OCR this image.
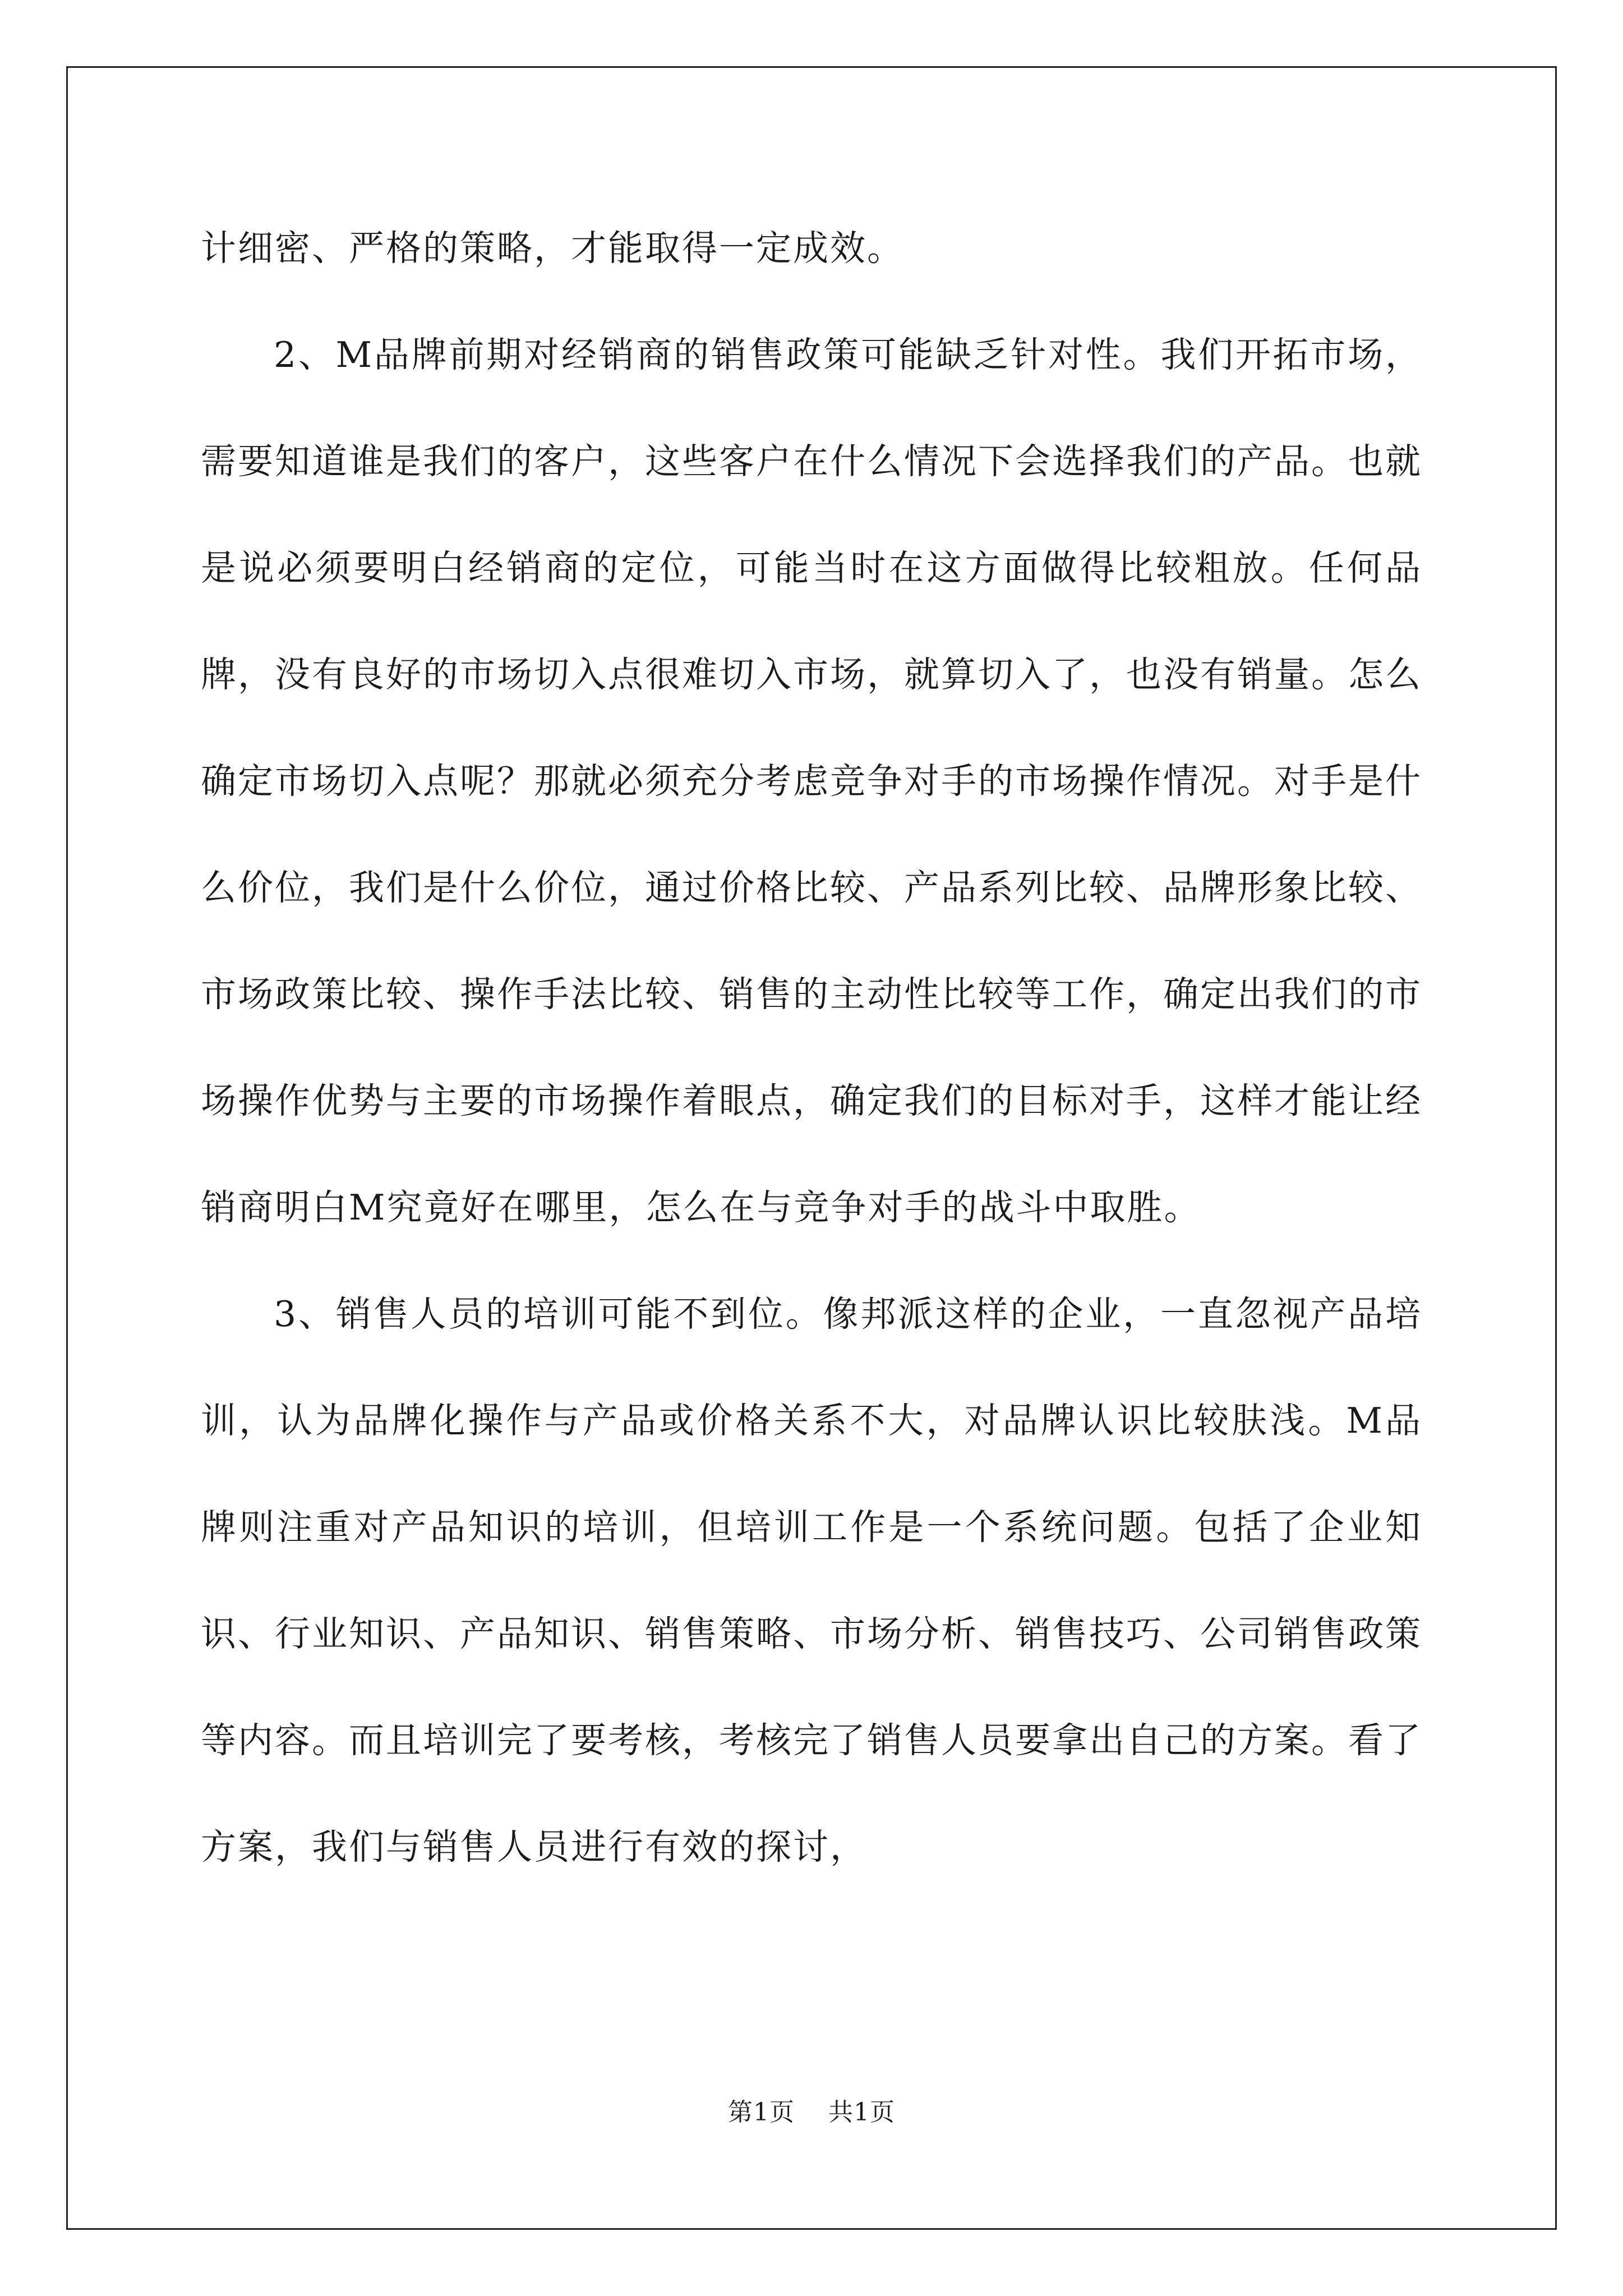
计细密、严格的策略，才能取得一定成效。

2、M品牌前期对经销商的销售政策可能缺乏针对性。我们开拓市场，需要知道谁是我们的客户，这些客户在什么情况下会选择我们的产品。也就是说必须要明白经销商的定位，可能当时在这方面做得比较粗放。任何品牌，没有良好的市场切入点很难切入市场，就算切入了，也没有销量。怎么确定市场切入点呢？那就必须充分考虑竞争对手的市场操作情况。对手是什么价位，我们是什么价位，通过价格比较、产品系列比较、品牌形象比较、市场政策比较、操作手法比较、销售的主动性比较等工作，确定出我们的市场操作优势与主要的市场操作着眼点，确定我们的目标对手，这样才能让经销商明白M究竟好在哪里，怎么在与竞争对手的战斗中取胜。

3、销售人员的培训可能不到位。像邦派这样的企业，一直忽视产品培训，认为品牌化操作与产品或价格关系不大，对品牌认识比较肤浅。M品牌则注重对产品知识的培训，但培训工作是一个系统问题。包括了企业知识、行业知识、产品知识、销售策略、市场分析、销售技巧、公司销售政策等内容。而且培训完了要考核，考核完了销售人员要拿出自己的方案。看了方案，我们与销售人员进行有效的探讨，

第1页 共1页
